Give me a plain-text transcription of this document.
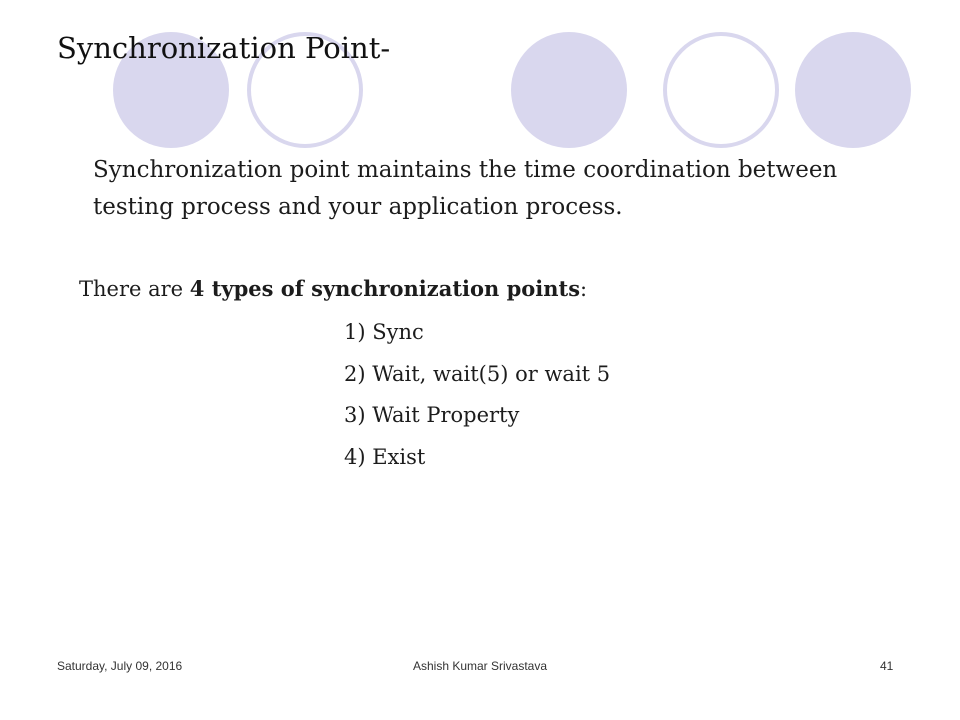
Synchronization Point-
Synchronization point maintains the time coordination between testing process and your application process.
There are 4 types of synchronization points:
1) Sync
2) Wait, wait(5) or wait 5
3) Wait Property
4) Exist
Saturday, July 09, 2016	Ashish Kumar Srivastava	41
